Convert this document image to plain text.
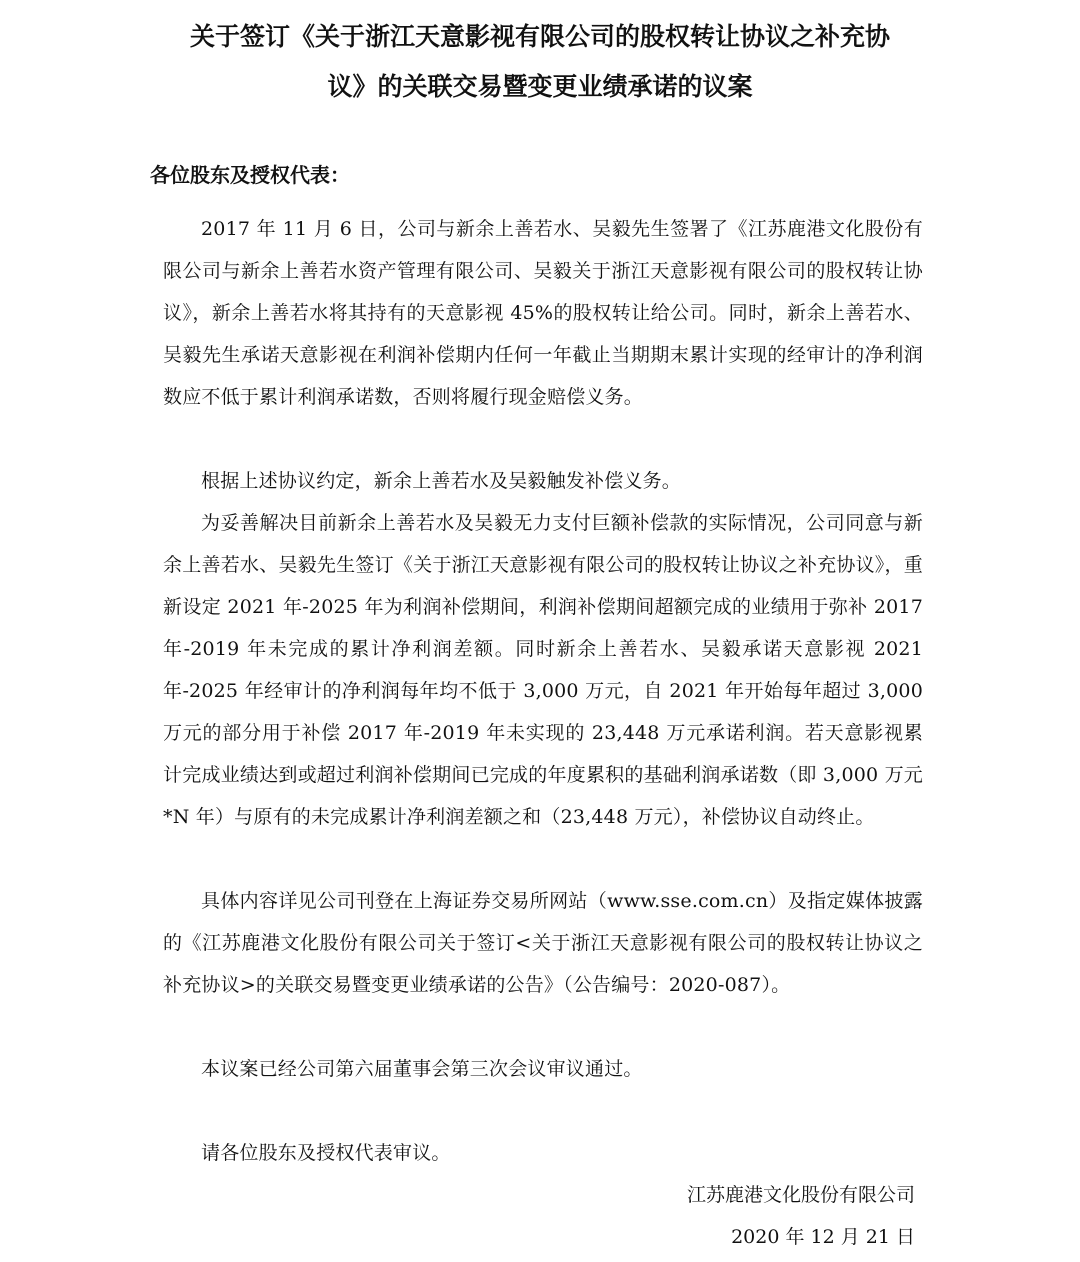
关于签订《关于浙江天意影视有限公司的股权转让协议之补充协
议》的关联交易暨变更业绩承诺的议案

各位股东及授权代表：

2017 年 11 月 6 日，公司与新余上善若水、吴毅先生签署了《江苏鹿港文化股份有限公司与新余上善若水资产管理有限公司、吴毅关于浙江天意影视有限公司的股权转让协议》，新余上善若水将其持有的天意影视 45%的股权转让给公司。同时，新余上善若水、吴毅先生承诺天意影视在利润补偿期内任何一年截止当期期末累计实现的经审计的净利润数应不低于累计利润承诺数，否则将履行现金赔偿义务。

根据上述协议约定，新余上善若水及吴毅触发补偿义务。

为妥善解决目前新余上善若水及吴毅无力支付巨额补偿款的实际情况，公司同意与新余上善若水、吴毅先生签订《关于浙江天意影视有限公司的股权转让协议之补充协议》，重新设定 2021 年-2025 年为利润补偿期间，利润补偿期间超额完成的业绩用于弥补 2017 年-2019 年未完成的累计净利润差额。同时新余上善若水、吴毅承诺天意影视 2021 年-2025 年经审计的净利润每年均不低于 3,000 万元，自 2021 年开始每年超过 3,000 万元的部分用于补偿 2017 年-2019 年未实现的 23,448 万元承诺利润。若天意影视累计完成业绩达到或超过利润补偿期间已完成的年度累积的基础利润承诺数（即 3,000 万元*N 年）与原有的未完成累计净利润差额之和（23,448 万元），补偿协议自动终止。

具体内容详见公司刊登在上海证券交易所网站（www.sse.com.cn）及指定媒体披露的《江苏鹿港文化股份有限公司关于签订<关于浙江天意影视有限公司的股权转让协议之补充协议>的关联交易暨变更业绩承诺的公告》（公告编号：2020-087）。

本议案已经公司第六届董事会第三次会议审议通过。

请各位股东及授权代表审议。

江苏鹿港文化股份有限公司

2020 年 12 月 21 日
